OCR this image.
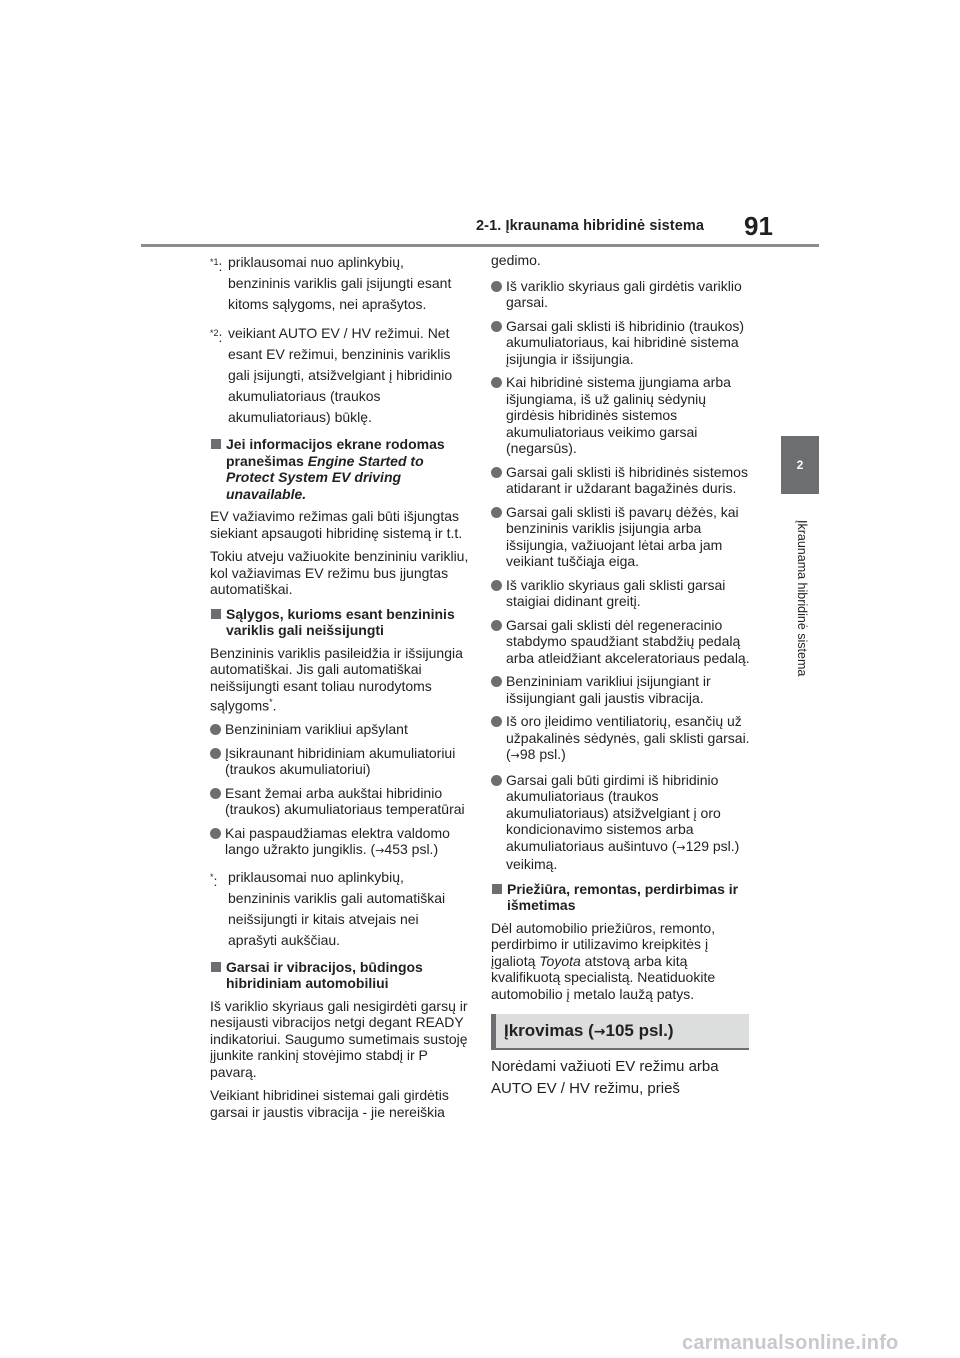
2-1. Įkraunama hibridinė sistema 91
2
Įkraunama hibridinė sistema
$^{*1}$: priklausomai nuo aplinkybių, benzininis variklis gali įsijungti esant kitoms sąlygoms, nei aprašytos.
$^{*2}$: veikiant AUTO EV / HV režimui. Net esant EV režimui, benzininis variklis gali įsijungti, atsižvelgiant į hibridinio akumuliatoriaus (traukos akumuliatoriaus) būklę.
Jei informacijos ekrane rodomas pranešimas Engine Started to Protect System EV driving unavailable.
EV važiavimo režimas gali būti išjungtas siekiant apsaugoti hibridinę sistemą ir t.t.
Tokiu atveju važiuokite benzininiu varikliu, kol važiavimas EV režimu bus įjungtas automatiškai.
Sąlygos, kurioms esant benzininis variklis gali neišsijungti
Benzininis variklis pasileidžia ir išsijungia automatiškai. Jis gali automatiškai neišsijungti esant toliau nurodytoms sąlygoms*.
Benzininiam varikliui apšylant
Įsikraunant hibridiniam akumuliatoriui (traukos akumuliatoriui)
Esant žemai arba aukštai hibridinio (traukos) akumuliatoriaus temperatūrai
Kai paspaudžiamas elektra valdomo lango užrakto jungiklis. (→453 psl.)
*: priklausomai nuo aplinkybių, benzininis variklis gali automatiškai neišsijungti ir kitais atvejais nei aprašyti aukščiau.
Garsai ir vibracijos, būdingos hibridiniam automobiliui
Iš variklio skyriaus gali nesigirdėti garsų ir nesijausti vibracijos netgi degant READY indikatoriui. Saugumo sumetimais sustoję įjunkite rankinį stovėjimo stabdį ir P pavarą.
Veikiant hibridinei sistemai gali girdėtis garsai ir jaustis vibracija - jie nereiškia
gedimo.
Iš variklio skyriaus gali girdėtis variklio garsai.
Garsai gali sklisti iš hibridinio (traukos) akumuliatoriaus, kai hibridinė sistema įsijungia ir išsijungia.
Kai hibridinė sistema įjungiama arba išjungiama, iš už galinių sėdynių girdėsis hibridinės sistemos akumuliatoriaus veikimo garsai (negarsūs).
Garsai gali sklisti iš hibridinės sistemos atidarant ir uždarant bagažinės duris.
Garsai gali sklisti iš pavarų dėžės, kai benzininis variklis įsijungia arba išsijungia, važiuojant lėtai arba jam veikiant tuščiąja eiga.
Iš variklio skyriaus gali sklisti garsai staigiai didinant greitį.
Garsai gali sklisti dėl regeneracinio stabdymo spaudžiant stabdžių pedalą arba atleidžiant akceleratoriaus pedalą.
Benzininiam varikliui įsijungiant ir išsijungiant gali jaustis vibracija.
Iš oro įleidimo ventiliatorių, esančių už užpakalinės sėdynės, gali sklisti garsai. (→98 psl.)
Garsai gali būti girdimi iš hibridinio akumuliatoriaus (traukos akumuliatoriaus) atsižvelgiant į oro kondicionavimo sistemos arba akumuliatoriaus aušintuvo (→129 psl.) veikimą.
Priežiūra, remontas, perdirbimas ir išmetimas
Dėl automobilio priežiūros, remonto, perdirbimo ir utilizavimo kreipkitės į įgaliotą Toyota atstovą arba kitą kvalifikuotą specialistą. Neatiduokite automobilio į metalo laužą patys.
Įkrovimas (→105 psl.)
Norėdami važiuoti EV režimu arba AUTO EV / HV režimu, prieš
carmanualsonline.info
